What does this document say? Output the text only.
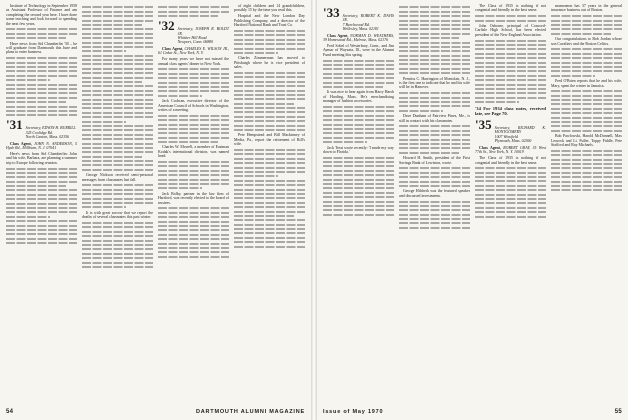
Institute of Technology in September 1958 as Assistant Professor of Finance and am completing the second year here. I have done some teaching and look forward to spending the next few years.

Have news from Sid Chamberlin '30 – he will graduate from Dartmouth this June and plans to enter business.

'31 Secretary, EDWIN H. BURRILL
325 Coolidge Rd.
North Canton, Mass. 02356

Class Agent, JOHN N. ANDERSON, 5 Hyde Rd., Millburn, N. J. 07041

Here's news from Sid Chamberlin: John and his wife, Barbara, are planning a summer trip to Europe following reunion.

George Nickson received semi-personal messages from classmates last fall.

It is with great sorrow that we report the deaths of several classmates this past winter.

'32 Secretary, JOSEPH R. BOLDT JR.
Whittier Hill Road
Newport, Conn. 06880

Class Agent, CHARLES E. WILSON JR., 61 Cedar St., New York, N. Y.

For many years we have not missed the annual class agents' dinner in New York.

Jack Cochran, executive director of the American Council of Schools in Washington, writes of a meeting.

Charles W. Morrell, a member of Eastman Kodak's international division, was named head.

Jack Bolby, partner in the law firm of Hartford, was recently elected to the board of trustees.

of eight children and 14 grandchildren, possibly 15 by the time you read this.

Hospital and the New London Day Publishing Company, and a director of the Hartford National Bank and Trust Co.

Charles Zimmerman has moved to Pittsburgh where he is vice president of sales.

Pete Hempstead and Bill Mackinney of Media, Pa., report the retirement of Bill's wife.

54	DARTMOUTH ALUMNI MAGAZINE
'33 Secretary, ROBERT K. DAVIS JR.
7 Beechwood Rd.
Wellesley, Mass. 02181

Class Agent, NORMAN D. WEATHERS, 39 Homestead Rd., Melrose, Mass. 02176

Fred Sobel of Westerbury, Conn., and Jim Aymar of Wayzata, Ill., were in the Alumni Fund meeting this spring.

It was nice to hear again from Harry Harsh of Harding, Mass. He's merchandising manager of fashion accessories.

Jack Treat wrote recently: 'I made my way down to Florida.'

Prentiss C. Harrington of Montclair, N. J., is the first one to indicate that he and his wife will be in Hanover.

Dave Dunham of Fairview Pines, Me., is still in contact with his classmates.

Howard H. Smith, president of the First Savings Bank of Lewiston, wrote.

George Hildreth was the featured speaker and discussed investments.

The Class of 1935 is nothing if not congenial and friendly in the best sense.

John Osborne, principal of Concord-Carlisle High School, has been elected president of the New England Association.

'34 For 1934 class notes, received late, see Page 70.
'35 Secretary, RICHARD K. MONTGOMERY
1007 Winsfield
Plymouth, Mass. 02360

Class Agent, ROBERT GRAY, 35 West 77th St., New York, N. Y. 10019

The Class of 1935 is nothing if not congenial and friendly in the best sense.

mamoneon has 37 years in the general insurance business out of Boston.

Our congratulations to Bob Jordan whose son Cavaliers and the Boston Celtics.

Fred O'Brien reports that he and his wife, Mary, spent the winter in Jamaica.

Bob Pawlowski, Harold McDonnell, Max Leacock and Lt. Fuller, Toppy Fiddle, Pete Stafford and Ray Michaels.

Issue of May 1970	55
